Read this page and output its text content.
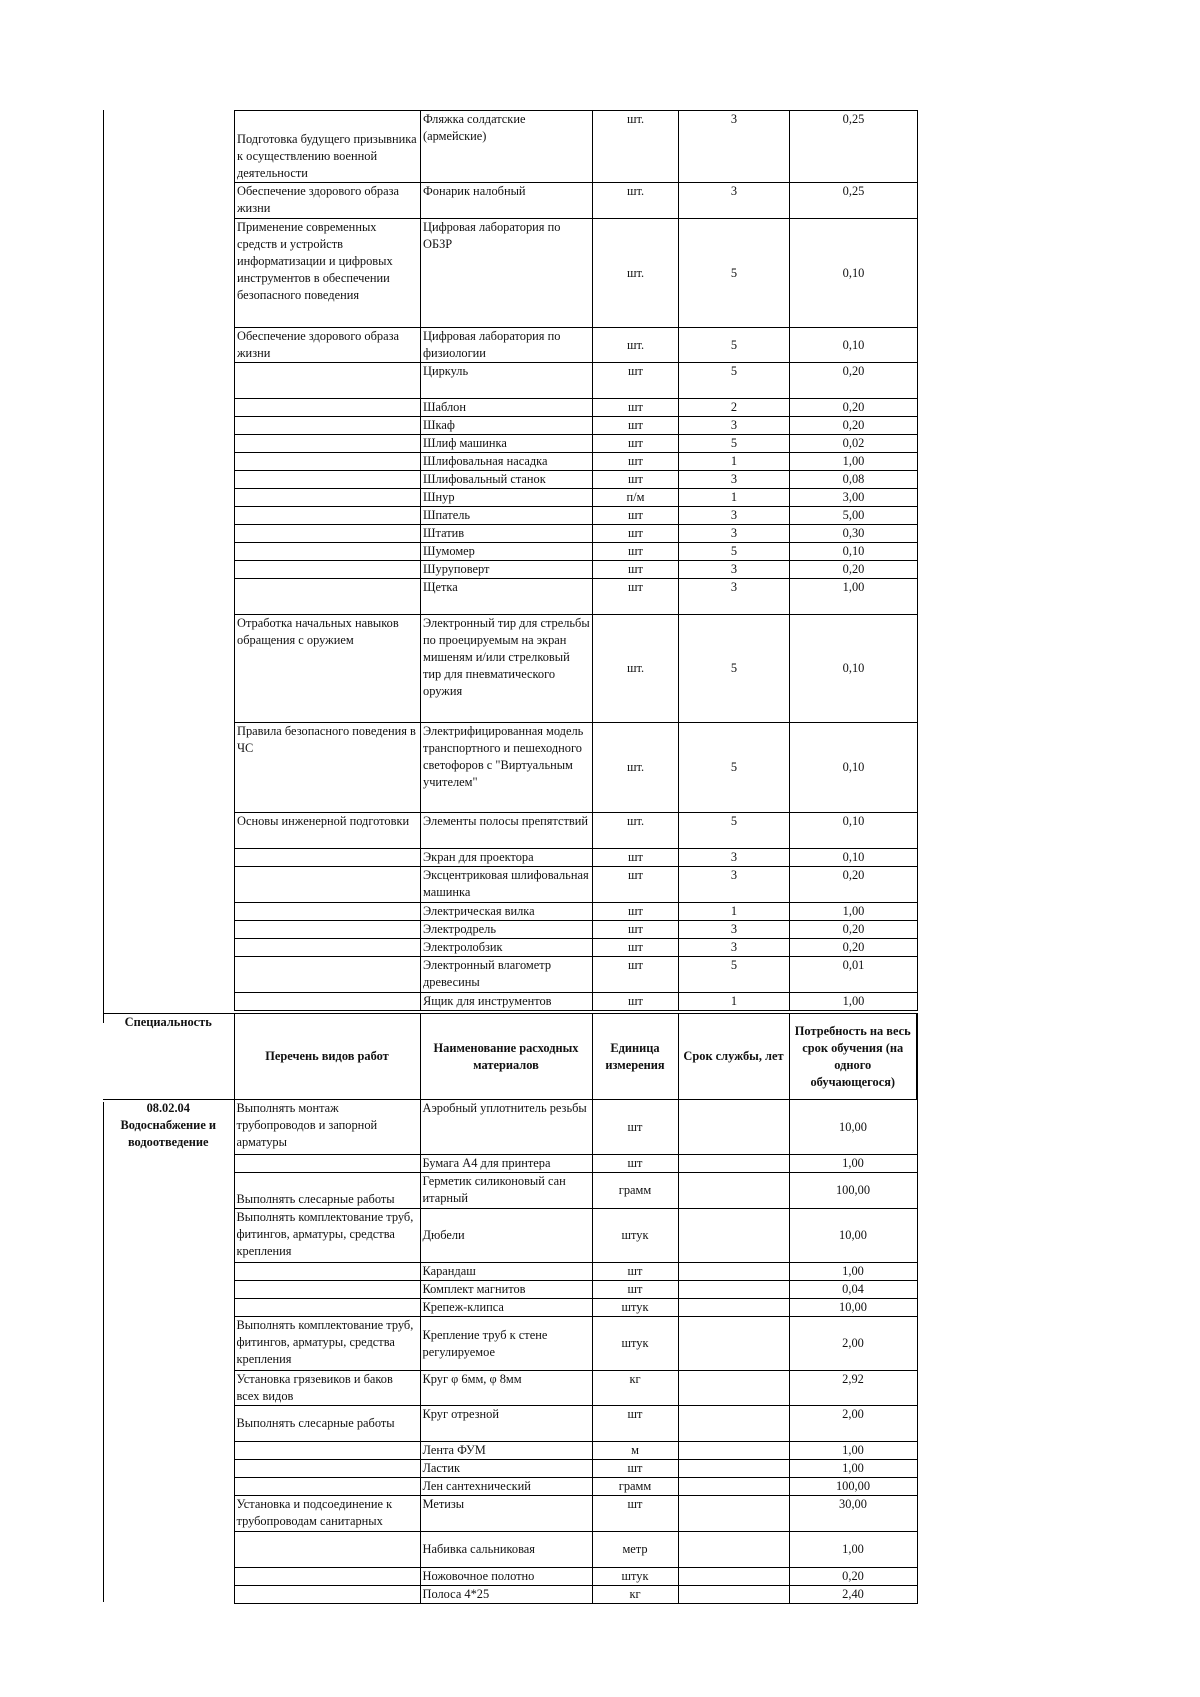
Подготовка будущего призывника к осуществлению военной деятельности	Фляжка солдатские (армейские)	шт.	3	0,25
Обеспечение здорового образа жизни	Фонарик налобный	шт.	3	0,25
Применение современных средств и устройств информатизации и цифровых инструментов в обеспечении безопасного поведения	Цифровая лаборатория по ОБЗР	шт.	5	0,10
Обеспечение здорового образа жизни	Цифровая лаборатория по физиологии	шт.	5	0,10
	Циркуль	шт	5	0,20
	Шаблон	шт	2	0,20
	Шкаф	шт	3	0,20
	Шлиф машинка	шт	5	0,02
	Шлифовальная насадка	шт	1	1,00
	Шлифовальный станок	шт	3	0,08
	Шнур	п/м	1	3,00
	Шпатель	шт	3	5,00
	Штатив	шт	3	0,30
	Шумомер	шт	5	0,10
	Шуруповерт	шт	3	0,20
	Щетка	шт	3	1,00
Отработка начальных навыков обращения с оружием	Электронный тир для стрельбы по проецируемым на экран мишеням и/или стрелковый тир для пневматического оружия	шт.	5	0,10
Правила безопасного поведения в ЧС	Электрифицированная модель транспортного и пешеходного светофоров с "Виртуальным учителем"	шт.	5	0,10
Основы инженерной подготовки	Элементы полосы препятствий	шт.	5	0,10
	Экран для проектора	шт	3	0,10
	Эксцентриковая шлифовальная машинка	шт	3	0,20
	Электрическая вилка	шт	1	1,00
	Электродрель	шт	3	0,20
	Электролобзик	шт	3	0,20
	Электронный влагометр древесины	шт	5	0,01
	Ящик для инструментов	шт	1	1,00
Специальность	Перечень видов работ	Наименование расходных материалов	Единица измерения	Срок службы, лет	Потребность на весь срок обучения (на одного обучающегося)
08.02.04 Водоснабжение и водоотведение	Выполнять монтаж трубопроводов и запорной арматуры	Аэробный уплотнитель резьбы	шт		10,00
		Бумага А4 для принтера	шт		1,00
	Выполнять слесарные работы	Герметик силиконовый сан итарный	грамм		100,00
	Выполнять комплектование труб, фитингов, арматуры, средства крепления	Дюбели	штук		10,00
		Карандаш	шт		1,00
		Комплект магнитов	шт		0,04
		Крепеж-клипса	штук		10,00
	Выполнять комплектование труб, фитингов, арматуры, средства крепления	Крепление труб к стене регулируемое	штук		2,00
	Установка грязевиков и баков всех видов	Круг φ 6мм, φ 8мм	кг		2,92
	Выполнять слесарные работы	Круг отрезной	шт		2,00
		Лента ФУМ	м		1,00
		Ластик	шт		1,00
		Лен сантехнический	грамм		100,00
	Установка и подсоединение к трубопроводам санитарных	Метизы	шт		30,00
		Набивка сальниковая	метр		1,00
		Ножовочное полотно	штук		0,20
		Полоса 4*25	кг		2,40
